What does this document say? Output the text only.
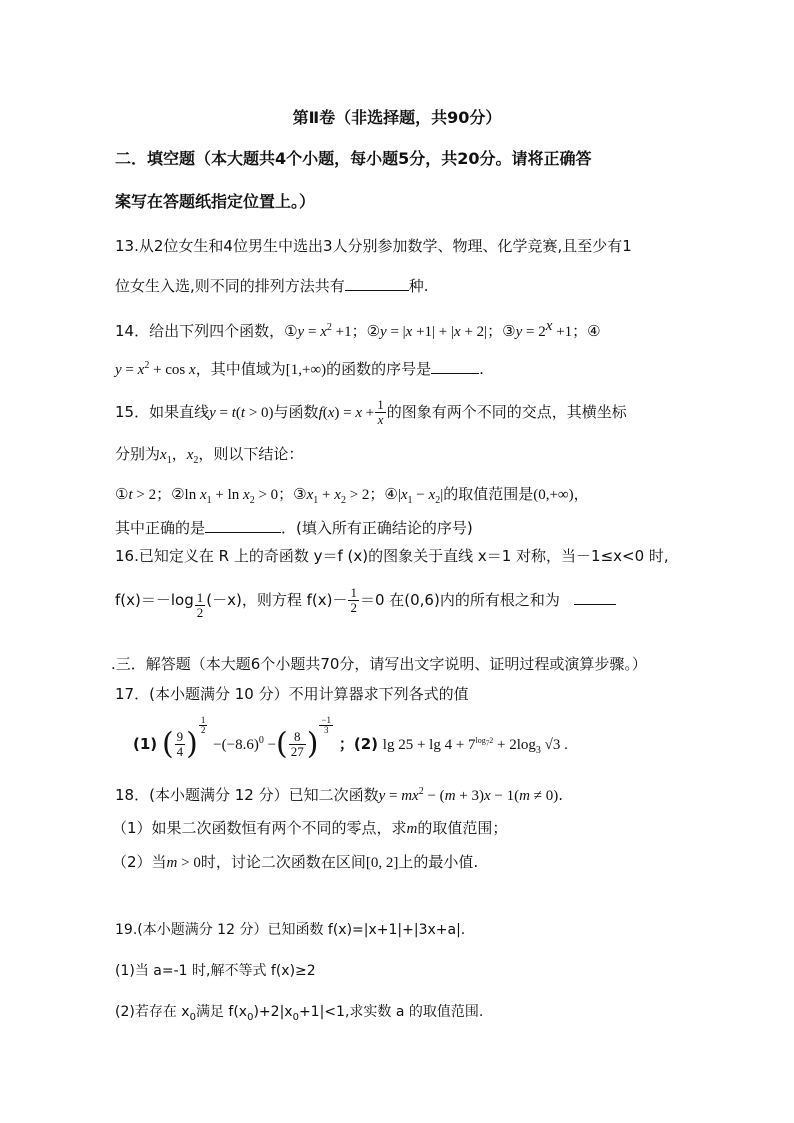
第Ⅱ卷（非选择题，共90分）
二．填空题（本大题共4个小题，每小题5分，共20分。请将正确答
案写在答题纸指定位置上。）
13.从2位女生和4位男生中选出3人分别参加数学、物理、化学竞赛,且至少有1
位女生入选,则不同的排列方法共有	种.
14．给出下列四个函数，①y = $x^2 +1$；②y = |x +1| + |x + 2|；③y = $2^x +1$；④
$y = x^2 + \cos x$，其中值域为[1,+∞)的函数的序号是	.
15．如果直线y = t(t > 0)与函数$f(x) = x + \frac{1}{x}$ 的图象有两个不同的交点，其横坐标
分别为$x_1$，$x_2$，则以下结论：
①t > 2；②ln $x_1 + \ln x_2 > 0$；$③x_1 + x_2 > 2$；$④|x_1 - x_2|$的取值范围是(0,+∞)，
其中正确的是	．(填入所有正确结论的序号)
16.已知定义在 R 上的奇函数 y＝f (x)的图象关于直线 x＝1 对称，当－1≤x<0 时,
$f(x)=-\log \frac{1}{2} (-x)$，则方程 $f(x)- \frac{1}{2} =0$ 在(0,6)内的所有根之和为
.三．解答题（本大题6个小题共70分，请写出文字说明、证明过程或演算步骤。）
17．(本小题满分 10 分）不用计算器求下列各式的值
(1) ( $\frac{9}{4}$ )
$\frac{1}{2}$
$-(-8.6)^0$ −( $\frac{8}{27}$ )
$\frac{-1}{3}$
；(2) $\lg 25 + \lg 4 + 7^{log_72} + 2\log_3$ √3 .
18．(本小题满分 12 分）已知二次函数$y = mx^2 - (m + 3)x - 1(m \ne 0)$.
（1）如果二次函数恒有两个不同的零点，求m的取值范围；
（2）当m > 0时，讨论二次函数在区间[0, 2]上的最小值.
19.(本小题满分 12 分）已知函数 f(x)=|x+1|+|3x+a|.
(1)当 a=-1 时,解不等式 f(x)≥2
(2)若存在 $x_0$满足 $f(x_0)+2|x_0+1|<1$,求实数 a 的取值范围.
